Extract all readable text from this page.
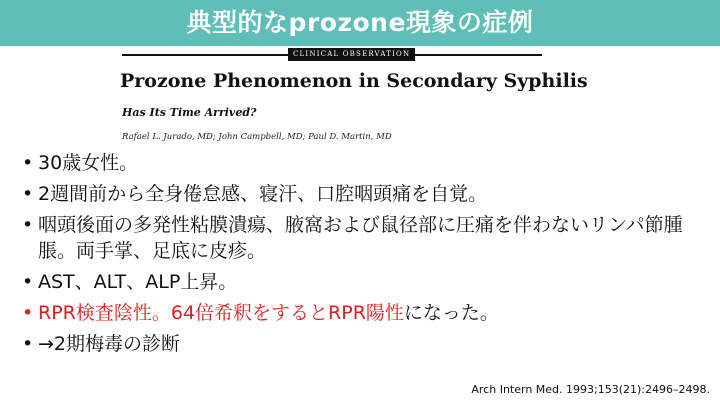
典型的なprozone現象の症例
CLINICAL OBSERVATION
Prozone Phenomenon in Secondary Syphilis
Has Its Time Arrived?
Rafael L. Jurado, MD; John Campbell, MD; Paul D. Martin, MD
• 30歳女性。
• 2週間前から全身倦怠感、寝汗、口腔咽頭痛を自覚。
• 咽頭後面の多発性粘膜潰瘍、腋窩および鼠径部に圧痛を伴わないリンパ節腫脹。両手掌、足底に皮疹。
• AST、ALT、ALP上昇。
• RPR検査陰性。64倍希釈をするとRPR陽性になった。
• →2期梅毒の診断
Arch Intern Med. 1993;153(21):2496–2498.
